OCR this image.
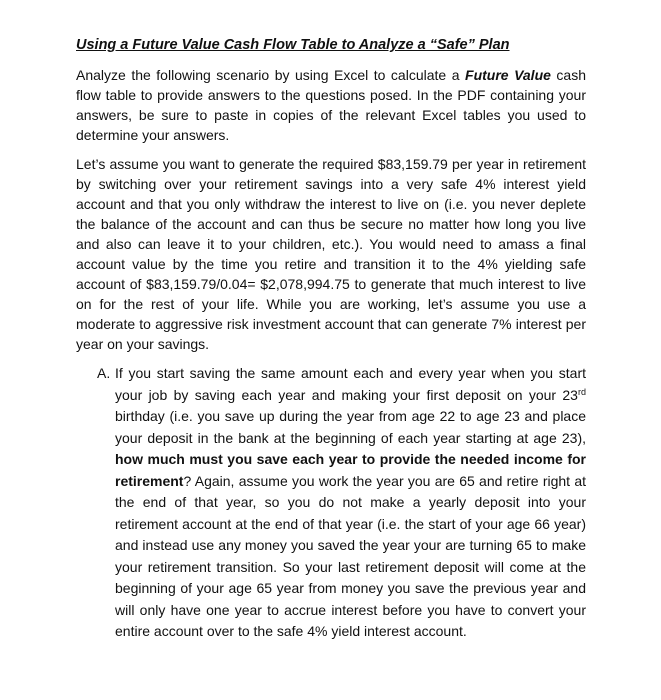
Using a Future Value Cash Flow Table to Analyze a “Safe” Plan

Analyze the following scenario by using Excel to calculate a Future Value cash flow table to provide answers to the questions posed. In the PDF containing your answers, be sure to paste in copies of the relevant Excel tables you used to determine your answers.

Let’s assume you want to generate the required $83,159.79 per year in retirement by switching over your retirement savings into a very safe 4% interest yield account and that you only withdraw the interest to live on (i.e. you never deplete the balance of the account and can thus be secure no matter how long you live and also can leave it to your children, etc.). You would need to amass a final account value by the time you retire and transition it to the 4% yielding safe account of $83,159.79/0.04= $2,078,994.75 to generate that much interest to live on for the rest of your life. While you are working, let’s assume you use a moderate to aggressive risk investment account that can generate 7% interest per year on your savings.

A. If you start saving the same amount each and every year when you start your job by saving each year and making your first deposit on your 23rd birthday (i.e. you save up during the year from age 22 to age 23 and place your deposit in the bank at the beginning of each year starting at age 23), how much must you save each year to provide the needed income for retirement? Again, assume you work the year you are 65 and retire right at the end of that year, so you do not make a yearly deposit into your retirement account at the end of that year (i.e. the start of your age 66 year) and instead use any money you saved the year your are turning 65 to make your retirement transition. So your last retirement deposit will come at the beginning of your age 65 year from money you save the previous year and will only have one year to accrue interest before you have to convert your entire account over to the safe 4% yield interest account.
